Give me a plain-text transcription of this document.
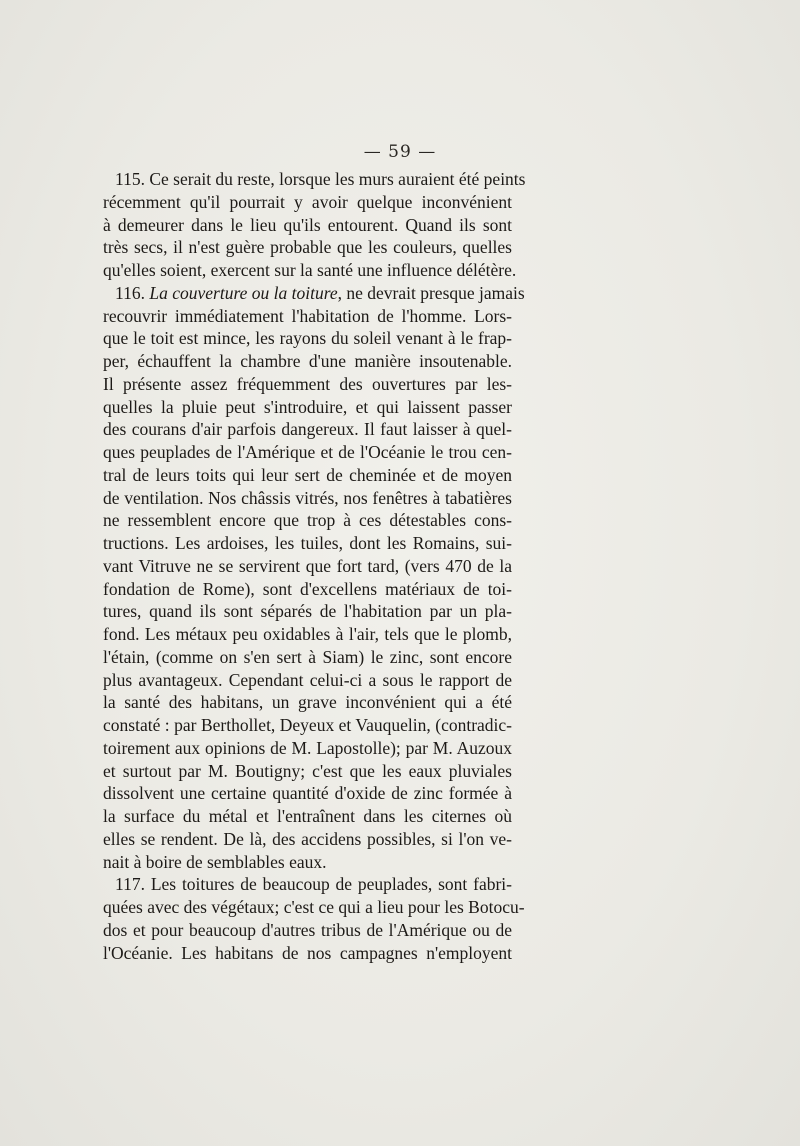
— 59 —
115. Ce serait du reste, lorsque les murs auraient été peints
récemment qu'il pourrait y avoir quelque inconvénient
à demeurer dans le lieu qu'ils entourent. Quand ils sont
très secs, il n'est guère probable que les couleurs, quelles
qu'elles soient, exercent sur la santé une influence délétère.
116. La couverture ou la toiture, ne devrait presque jamais
recouvrir immédiatement l'habitation de l'homme. Lors-
que le toit est mince, les rayons du soleil venant à le frap-
per, échauffent la chambre d'une manière insoutenable.
Il présente assez fréquemment des ouvertures par les-
quelles la pluie peut s'introduire, et qui laissent passer
des courans d'air parfois dangereux. Il faut laisser à quel-
ques peuplades de l'Amérique et de l'Océanie le trou cen-
tral de leurs toits qui leur sert de cheminée et de moyen
de ventilation. Nos châssis vitrés, nos fenêtres à tabatières
ne ressemblent encore que trop à ces détestables cons-
tructions. Les ardoises, les tuiles, dont les Romains, sui-
vant Vitruve ne se servirent que fort tard, (vers 470 de la
fondation de Rome), sont d'excellens matériaux de toi-
tures, quand ils sont séparés de l'habitation par un pla-
fond. Les métaux peu oxidables à l'air, tels que le plomb,
l'étain, (comme on s'en sert à Siam) le zinc, sont encore
plus avantageux. Cependant celui-ci a sous le rapport de
la santé des habitans, un grave inconvénient qui a été
constaté : par Berthollet, Deyeux et Vauquelin, (contradic-
toirement aux opinions de M. Lapostolle); par M. Auzoux
et surtout par M. Boutigny; c'est que les eaux pluviales
dissolvent une certaine quantité d'oxide de zinc formée à
la surface du métal et l'entraînent dans les citernes où
elles se rendent. De là, des accidens possibles, si l'on ve-
nait à boire de semblables eaux.
117. Les toitures de beaucoup de peuplades, sont fabri-
quées avec des végétaux; c'est ce qui a lieu pour les Botocu-
dos et pour beaucoup d'autres tribus de l'Amérique ou de
l'Océanie. Les habitans de nos campagnes n'employent
